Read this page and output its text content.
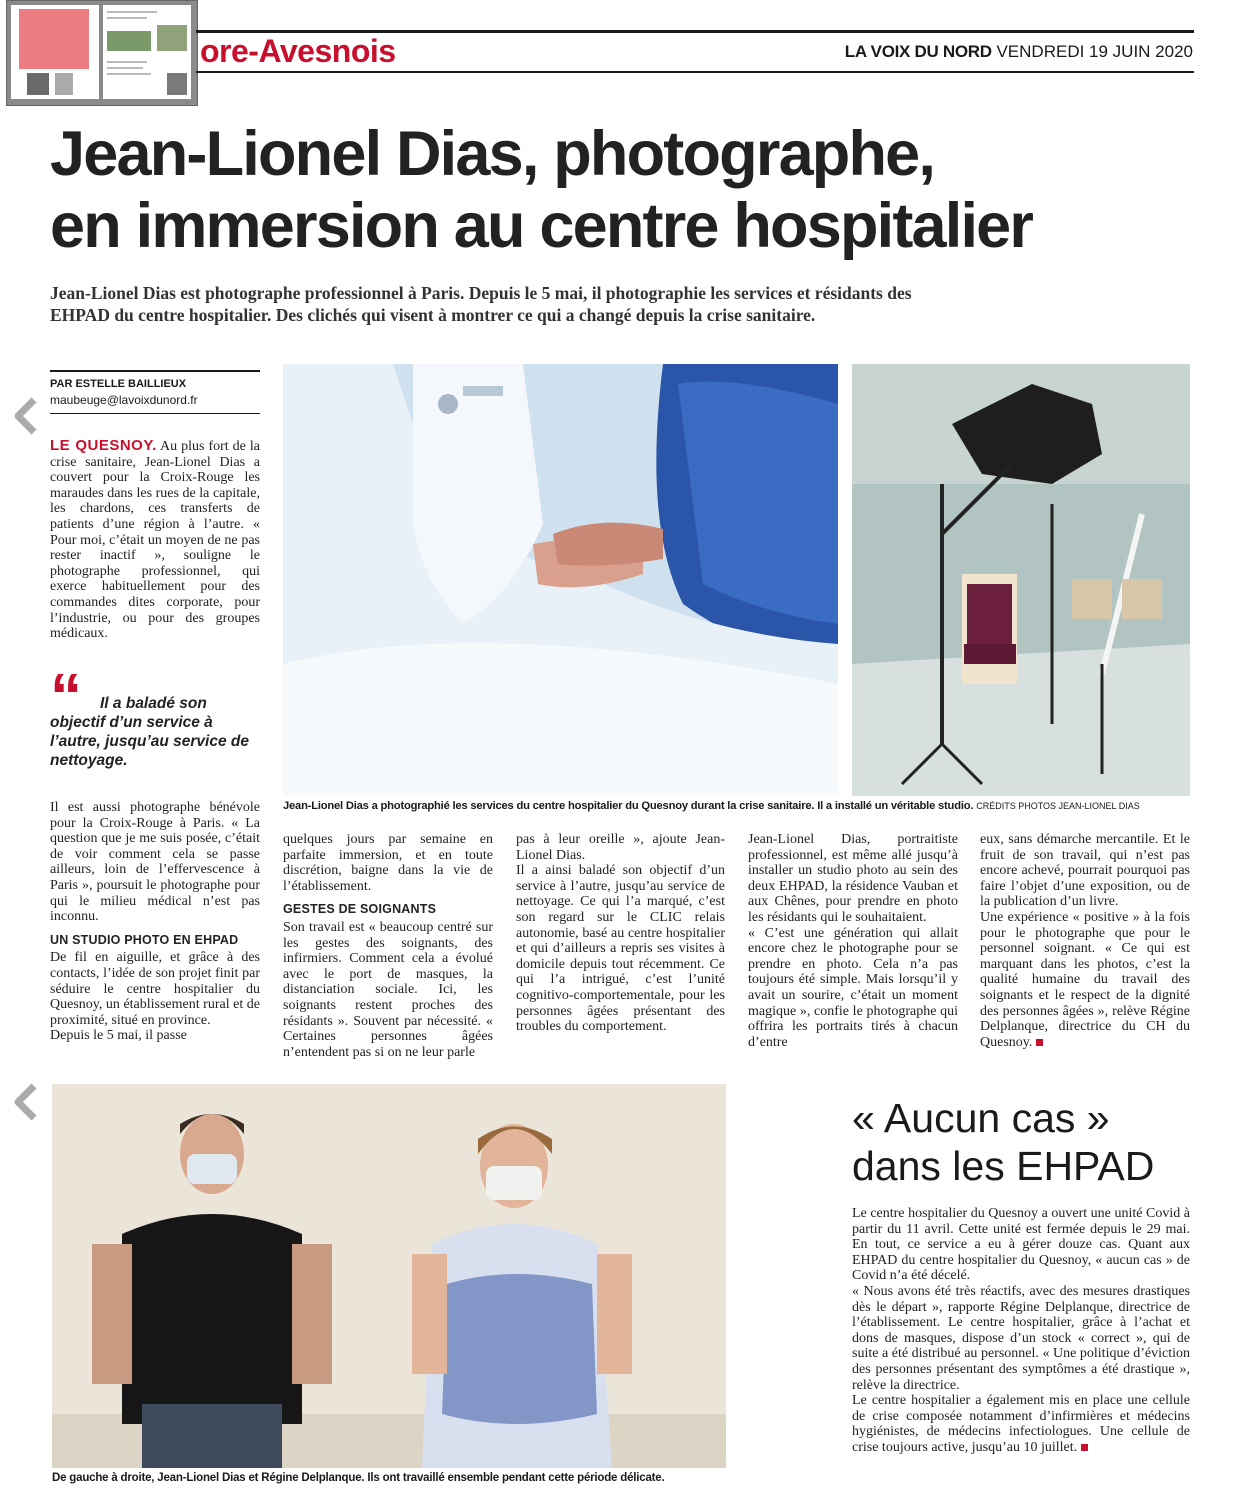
ore-Avesnois	LA VOIX DU NORD VENDREDI 19 JUIN 2020
Jean-Lionel Dias, photographe,
en immersion au centre hospitalier
Jean-Lionel Dias est photographe professionnel à Paris. Depuis le 5 mai, il photographie les services et résidants des EHPAD du centre hospitalier. Des clichés qui visent à montrer ce qui a changé depuis la crise sanitaire.
PAR ESTELLE BAILLIEUX
maubeuge@lavoixdunord.fr

LE QUESNOY. Au plus fort de la crise sanitaire, Jean-Lionel Dias a couvert pour la Croix-Rouge les maraudes dans les rues de la capitale, les chardons, ces transferts de patients d’une région à l’autre. « Pour moi, c’était un moyen de ne pas rester inactif », souligne le photographe professionnel, qui exerce habituellement pour des commandes dites corporate, pour l’industrie, ou pour des groupes médicaux.

“	Il a baladé son objectif d’un service à l’autre, jusqu’au service de nettoyage.

Il est aussi photographe bénévole pour la Croix-Rouge à Paris. « La question que je me suis posée, c’était de voir comment cela se passe ailleurs, loin de l’effervescence à Paris », poursuit le photographe pour qui le milieu médical n’est pas inconnu.

UN STUDIO PHOTO EN EHPAD

De fil en aiguille, et grâce à des contacts, l’idée de son projet finit par séduire le centre hospitalier du Quesnoy, un établissement rural et de proximité, situé en province.

Depuis le 5 mai, il passe

Jean-Lionel Dias a photographié les services du centre hospitalier du Quesnoy durant la crise sanitaire. Il a installé un véritable studio. CRÉDITS PHOTOS JEAN-LIONEL DIAS

quelques jours par semaine en parfaite immersion, et en toute discrétion, baigne dans la vie de l’établissement.

GESTES DE SOIGNANTS

Son travail est « beaucoup centré sur les gestes des soignants, des infirmiers. Comment cela a évolué avec le port de masques, la distanciation sociale. Ici, les soignants restent proches des résidants ». Souvent par nécessité. « Certaines personnes âgées n’entendent pas si on ne leur parle

pas à leur oreille », ajoute Jean-Lionel Dias.

Il a ainsi baladé son objectif d’un service à l’autre, jusqu’au service de nettoyage. Ce qui l’a marqué, c’est son regard sur le CLIC relais autonomie, basé au centre hospitalier et qui d’ailleurs a repris ses visites à domicile depuis tout récemment. Ce qui l’a intrigué, c’est l’unité cognitivo-comportementale, pour les personnes âgées présentant des troubles du comportement.

Jean-Lionel Dias, portraitiste professionnel, est même allé jusqu’à installer un studio photo au sein des deux EHPAD, la résidence Vauban et aux Chênes, pour prendre en photo les résidants qui le souhaitaient.

« C’est une génération qui allait encore chez le photographe pour se prendre en photo. Cela n’a pas toujours été simple. Mais lorsqu’il y avait un sourire, c’était un moment magique », confie le photographe qui offrira les portraits tirés à chacun d’entre

eux, sans démarche mercantile. Et le fruit de son travail, qui n’est pas encore achevé, pourrait pourquoi pas faire l’objet d’une exposition, ou de la publication d’un livre.

Une expérience « positive » à la fois pour le photographe que pour le personnel soignant. « Ce qui est marquant dans les photos, c’est la qualité humaine du travail des soignants et le respect de la dignité des personnes âgées », relève Régine Delplanque, directrice du CH du Quesnoy.

De gauche à droite, Jean-Lionel Dias et Régine Delplanque. Ils ont travaillé ensemble pendant cette période délicate.
« Aucun cas »
dans les EHPAD

Le centre hospitalier du Quesnoy a ouvert une unité Covid à partir du 11 avril. Cette unité est fermée depuis le 29 mai. En tout, ce service a eu à gérer douze cas. Quant aux EHPAD du centre hospitalier du Quesnoy, « aucun cas » de Covid n’a été décelé.

« Nous avons été très réactifs, avec des mesures drastiques dès le départ », rapporte Régine Delplanque, directrice de l’établissement. Le centre hospitalier, grâce à l’achat et dons de masques, dispose d’un stock « correct », qui de suite a été distribué au personnel. « Une politique d’éviction des personnes présentant des symptômes a été drastique », relève la directrice.

Le centre hospitalier a également mis en place une cellule de crise composée notamment d’infirmières et médecins hygiénistes, de médecins infectiologues. Une cellule de crise toujours active, jusqu’au 10 juillet.
